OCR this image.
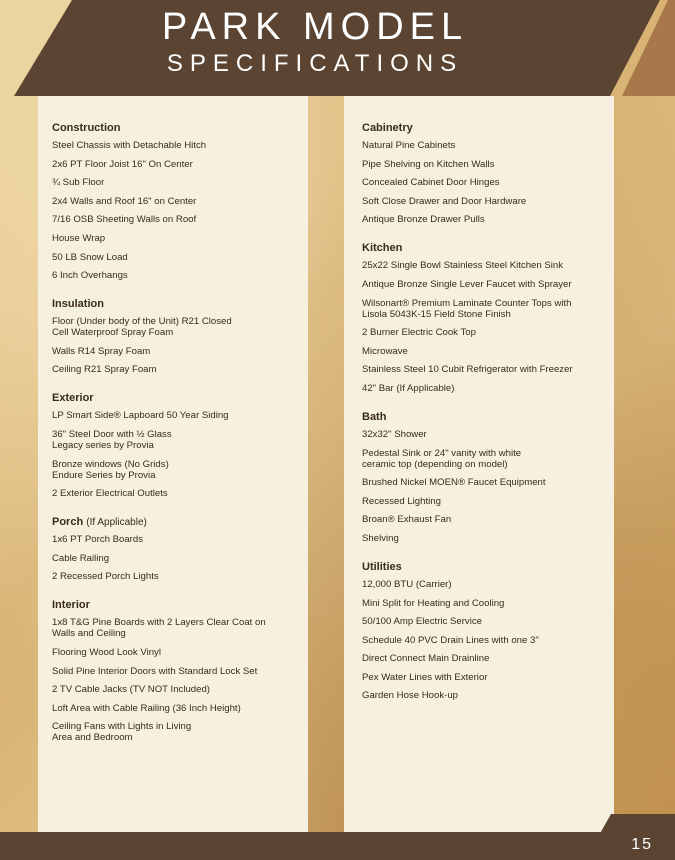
PARK MODEL
SPECIFICATIONS
Construction
Steel Chassis with Detachable Hitch
2x6 PT Floor Joist 16" On Center
¾ Sub Floor
2x4 Walls and Roof 16" on Center
7/16 OSB Sheeting Walls on Roof
House Wrap
50 LB Snow Load
6 Inch Overhangs
Insulation
Floor (Under body of the Unit) R21 Closed
Cell Waterproof Spray Foam
Walls R14 Spray Foam
Ceiling R21 Spray Foam
Exterior
LP Smart Side® Lapboard 50 Year Siding
36" Steel Door with ½ Glass
Legacy series by Provia
Bronze windows (No Grids)
Endure Series by Provia
2 Exterior Electrical Outlets
Porch (If Applicable)
1x6 PT Porch Boards
Cable Railing
2 Recessed Porch Lights
Interior
1x8 T&G Pine Boards with 2 Layers Clear Coat on
Walls and Ceiling
Flooring Wood Look Vinyl
Solid Pine Interior Doors with Standard Lock Set
2 TV Cable Jacks (TV NOT Included)
Loft Area with Cable Railing (36 Inch Height)
Ceiling Fans with Lights in Living
Area and Bedroom
Cabinetry
Natural Pine Cabinets
Pipe Shelving on Kitchen Walls
Concealed Cabinet Door Hinges
Soft Close Drawer and Door Hardware
Antique Bronze Drawer Pulls
Kitchen
25x22 Single Bowl Stainless Steel Kitchen Sink
Antique Bronze Single Lever Faucet with Sprayer
Wilsonart® Premium Laminate Counter Tops with
Lisola 5043K-15 Field Stone Finish
2 Burner Electric Cook Top
Microwave
Stainless Steel 10 Cubit Refrigerator with Freezer
42" Bar (If Applicable)
Bath
32x32" Shower
Pedestal Sink or 24" vanity with white
ceramic top (depending on model)
Brushed Nickel MOEN® Faucet Equipment
Recessed Lighting
Broan® Exhaust Fan
Shelving
Utilities
12,000 BTU (Carrier)
Mini Split for Heating and Cooling
50/100 Amp Electric Service
Schedule 40 PVC Drain Lines with one 3"
Direct Connect Main Drainline
Pex Water Lines with Exterior
Garden Hose Hook-up
15
